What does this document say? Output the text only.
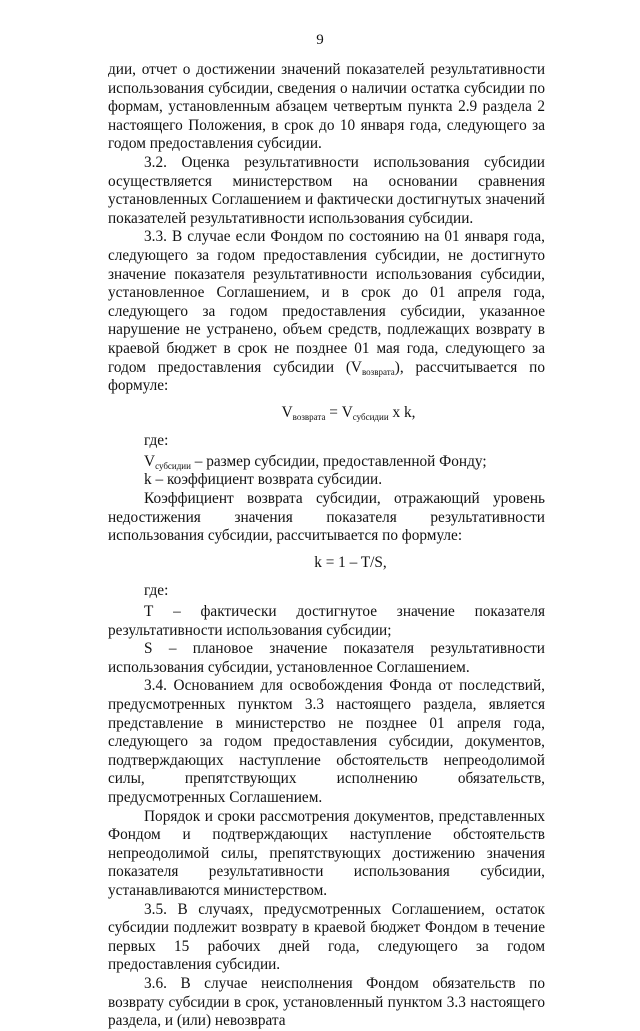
9

дии, отчет о достижении значений показателей результативности использования субсидии, сведения о наличии остатка субсидии по формам, установленным абзацем четвертым пункта 2.9 раздела 2 настоящего Положения, в срок до 10 января года, следующего за годом предоставления субсидии.

3.2. Оценка результативности использования субсидии осуществляется министерством на основании сравнения установленных Соглашением и фактически достигнутых значений показателей результативности использования субсидии.

3.3. В случае если Фондом по состоянию на 01 января года, следующего за годом предоставления субсидии, не достигнуто значение показателя результативности использования субсидии, установленное Соглашением, и в срок до 01 апреля года, следующего за годом предоставления субсидии, указанное нарушение не устранено, объем средств, подлежащих возврату в краевой бюджет в срок не позднее 01 мая года, следующего за годом предоставления субсидии $(V_{возврата})$, рассчитывается по формуле:

$V_{возврата} = V_{субсидии}$ x k,

где:

$V_{субсидии}$ – размер субсидии, предоставленной Фонду;

k – коэффициент возврата субсидии.

Коэффициент возврата субсидии, отражающий уровень недостижения значения показателя результативности использования субсидии, рассчитывается по формуле:

k = 1 – T/S,

где:

Т – фактически достигнутое значение показателя результативности использования субсидии;

S – плановое значение показателя результативности использования субсидии, установленное Соглашением.

3.4. Основанием для освобождения Фонда от последствий, предусмотренных пунктом 3.3 настоящего раздела, является представление в министерство не позднее 01 апреля года, следующего за годом предоставления субсидии, документов, подтверждающих наступление обстоятельств непреодолимой силы, препятствующих исполнению обязательств, предусмотренных Соглашением.

Порядок и сроки рассмотрения документов, представленных Фондом и подтверждающих наступление обстоятельств непреодолимой силы, препятствующих достижению значения показателя результативности использования субсидии, устанавливаются министерством.

3.5. В случаях, предусмотренных Соглашением, остаток субсидии подлежит возврату в краевой бюджет Фондом в течение первых 15 рабочих дней года, следующего за годом предоставления субсидии.

3.6. В случае неисполнения Фондом обязательств по возврату субсидии в срок, установленный пунктом 3.3 настоящего раздела, и (или) невозврата
